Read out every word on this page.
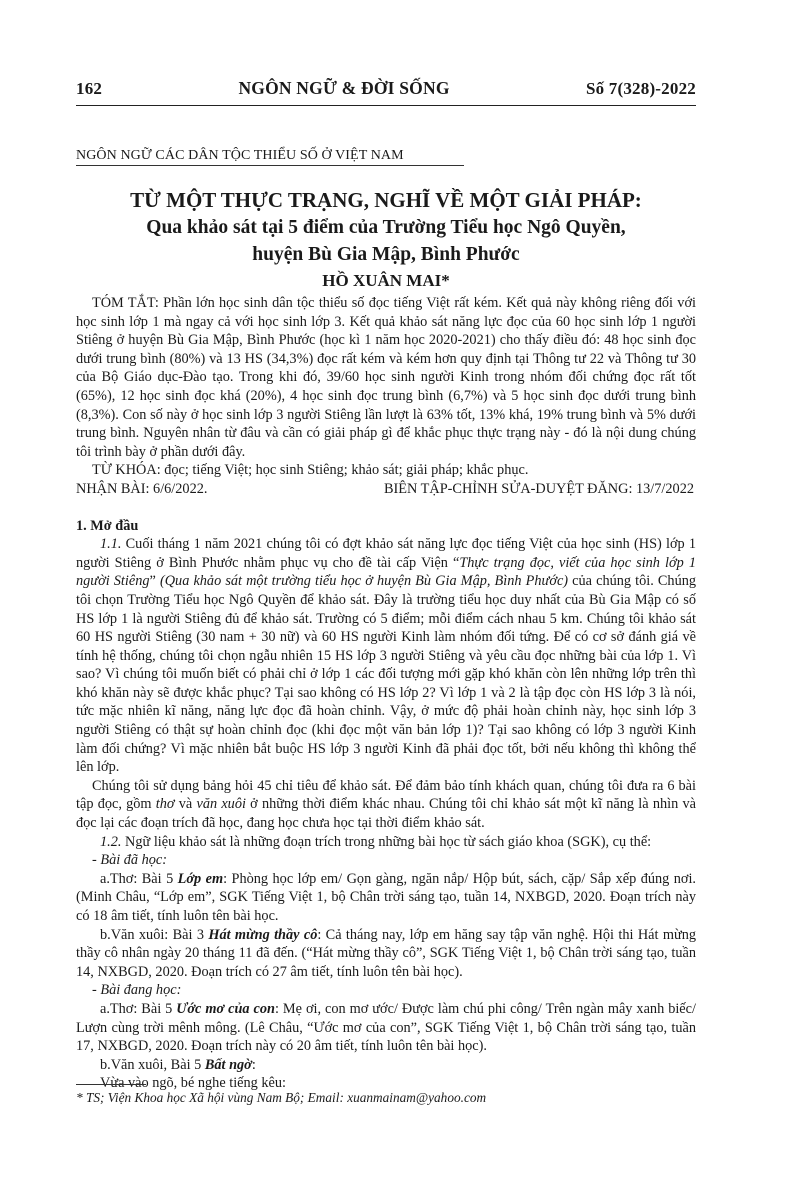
162	NGÔN NGỮ & ĐỜI SỐNG	Số 7(328)-2022
NGÔN NGỮ CÁC DÂN TỘC THIỂU SỐ Ở VIỆT NAM
TỪ MỘT THỰC TRẠNG, NGHĨ VỀ MỘT GIẢI PHÁP:
Qua khảo sát tại 5 điểm của Trường Tiểu học Ngô Quyền,
huyện Bù Gia Mập, Bình Phước
HỒ XUÂN MAI*
TÓM TẮT: Phần lớn học sinh dân tộc thiểu số đọc tiếng Việt rất kém. Kết quả này không riêng đối với học sinh lớp 1 mà ngay cả với học sinh lớp 3. Kết quả khảo sát năng lực đọc của 60 học sinh lớp 1 người Stiêng ở huyện Bù Gia Mập, Bình Phước (học kì 1 năm học 2020-2021) cho thấy điều đó: 48 học sinh đọc dưới trung bình (80%) và 13 HS (34,3%) đọc rất kém và kém hơn quy định tại Thông tư 22 và Thông tư 30 của Bộ Giáo dục-Đào tạo. Trong khi đó, 39/60 học sinh người Kinh trong nhóm đối chứng đọc rất tốt (65%), 12 học sinh đọc khá (20%), 4 học sinh đọc trung bình (6,7%) và 5 học sinh đọc dưới trung bình (8,3%). Con số này ở học sinh lớp 3 người Stiêng lần lượt là 63% tốt, 13% khá, 19% trung bình và 5% dưới trung bình. Nguyên nhân từ đâu và cần có giải pháp gì để khắc phục thực trạng này - đó là nội dung chúng tôi trình bày ở phần dưới đây.
TỪ KHÓA: đọc; tiếng Việt; học sinh Stiêng; khảo sát; giải pháp; khắc phục.
NHẬN BÀI: 6/6/2022.	BIÊN TẬP-CHỈNH SỬA-DUYỆT ĐĂNG: 13/7/2022
1. Mở đầu

1.1. Cuối tháng 1 năm 2021 chúng tôi có đợt khảo sát năng lực đọc tiếng Việt của học sinh (HS) lớp 1 người Stiêng ở Bình Phước nhằm phục vụ cho đề tài cấp Viện “Thực trạng đọc, viết của học sinh lớp 1 người Stiêng” (Qua khảo sát một trường tiểu học ở huyện Bù Gia Mập, Bình Phước) của chúng tôi. Chúng tôi chọn Trường Tiểu học Ngô Quyền để khảo sát. Đây là trường tiểu học duy nhất của Bù Gia Mập có số HS lớp 1 là người Stiêng đủ để khảo sát. Trường có 5 điểm; mỗi điểm cách nhau 5 km. Chúng tôi khảo sát 60 HS người Stiêng (30 nam + 30 nữ) và 60 HS người Kinh làm nhóm đối tứng. Để có cơ sở đánh giá về tính hệ thống, chúng tôi chọn ngẫu nhiên 15 HS lớp 3 người Stiêng và yêu cầu đọc những bài của lớp 1. Vì sao? Vì chúng tôi muốn biết có phải chỉ ở lớp 1 các đối tượng mới gặp khó khăn còn lên những lớp trên thì khó khăn này sẽ được khắc phục? Tại sao không có HS lớp 2? Vì lớp 1 và 2 là tập đọc còn HS lớp 3 là nói, tức mặc nhiên kĩ năng, năng lực đọc đã hoàn chỉnh. Vậy, ở mức độ phải hoàn chỉnh này, học sinh lớp 3 người Stiêng có thật sự hoàn chỉnh đọc (khi đọc một văn bản lớp 1)? Tại sao không có lớp 3 người Kinh làm đối chứng? Vì mặc nhiên bắt buộc HS lớp 3 người Kinh đã phải đọc tốt, bởi nếu không thì không thể lên lớp.

Chúng tôi sử dụng bảng hỏi 45 chỉ tiêu để khảo sát. Để đảm bảo tính khách quan, chúng tôi đưa ra 6 bài tập đọc, gồm thơ và văn xuôi ở những thời điểm khác nhau. Chúng tôi chỉ khảo sát một kĩ năng là nhìn và đọc lại các đoạn trích đã học, đang học chưa học tại thời điểm khảo sát.

1.2. Ngữ liệu khảo sát là những đoạn trích trong những bài học từ sách giáo khoa (SGK), cụ thể:

- Bài đã học:

a.Thơ: Bài 5 Lớp em: Phòng học lớp em/ Gọn gàng, ngăn nắp/ Hộp bút, sách, cặp/ Sắp xếp đúng nơi. (Minh Châu, “Lớp em”, SGK Tiếng Việt 1, bộ Chân trời sáng tạo, tuần 14, NXBGD, 2020. Đoạn trích này có 18 âm tiết, tính luôn tên bài học.

b.Văn xuôi: Bài 3 Hát mừng thầy cô: Cả tháng nay, lớp em hăng say tập văn nghệ. Hội thi Hát mừng thầy cô nhân ngày 20 tháng 11 đã đến. (“Hát mừng thầy cô”, SGK Tiếng Việt 1, bộ Chân trời sáng tạo, tuần 14, NXBGD, 2020. Đoạn trích có 27 âm tiết, tính luôn tên bài học).

- Bài đang học:

a.Thơ: Bài 5 Ước mơ của con: Mẹ ơi, con mơ ước/ Được làm chú phi công/ Trên ngàn mây xanh biếc/ Lượn cùng trời mênh mông. (Lê Châu, “Ước mơ của con”, SGK Tiếng Việt 1, bộ Chân trời sáng tạo, tuần 17, NXBGD, 2020. Đoạn trích này có 20 âm tiết, tính luôn tên bài học).

b.Văn xuôi, Bài 5 Bất ngờ:

Vừa vào ngõ, bé nghe tiếng kêu:

* TS; Viện Khoa học Xã hội vùng Nam Bộ; Email: xuanmainam@yahoo.com
